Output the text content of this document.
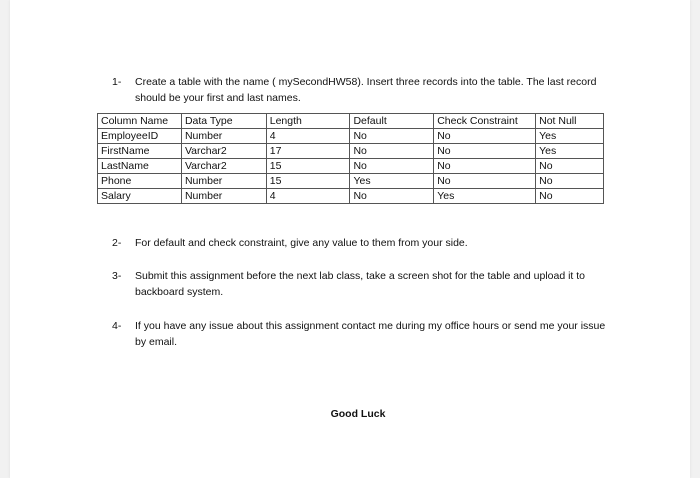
1- Create a table with the name ( mySecondHW58). Insert three records into the table. The last record should be your first and last names.
Column Name	Data Type	Length	Default	Check Constraint	Not Null
EmployeeID	Number	4	No	No	Yes
FirstName	Varchar2	17	No	No	Yes
LastName	Varchar2	15	No	No	No
Phone	Number	15	Yes	No	No
Salary	Number	4	No	Yes	No
2- For default and check constraint, give any value to them from your side.
3- Submit this assignment before the next lab class, take a screen shot for the table and upload it to backboard system.
4- If you have any issue about this assignment contact me during my office hours or send me your issue by email.
Good Luck
